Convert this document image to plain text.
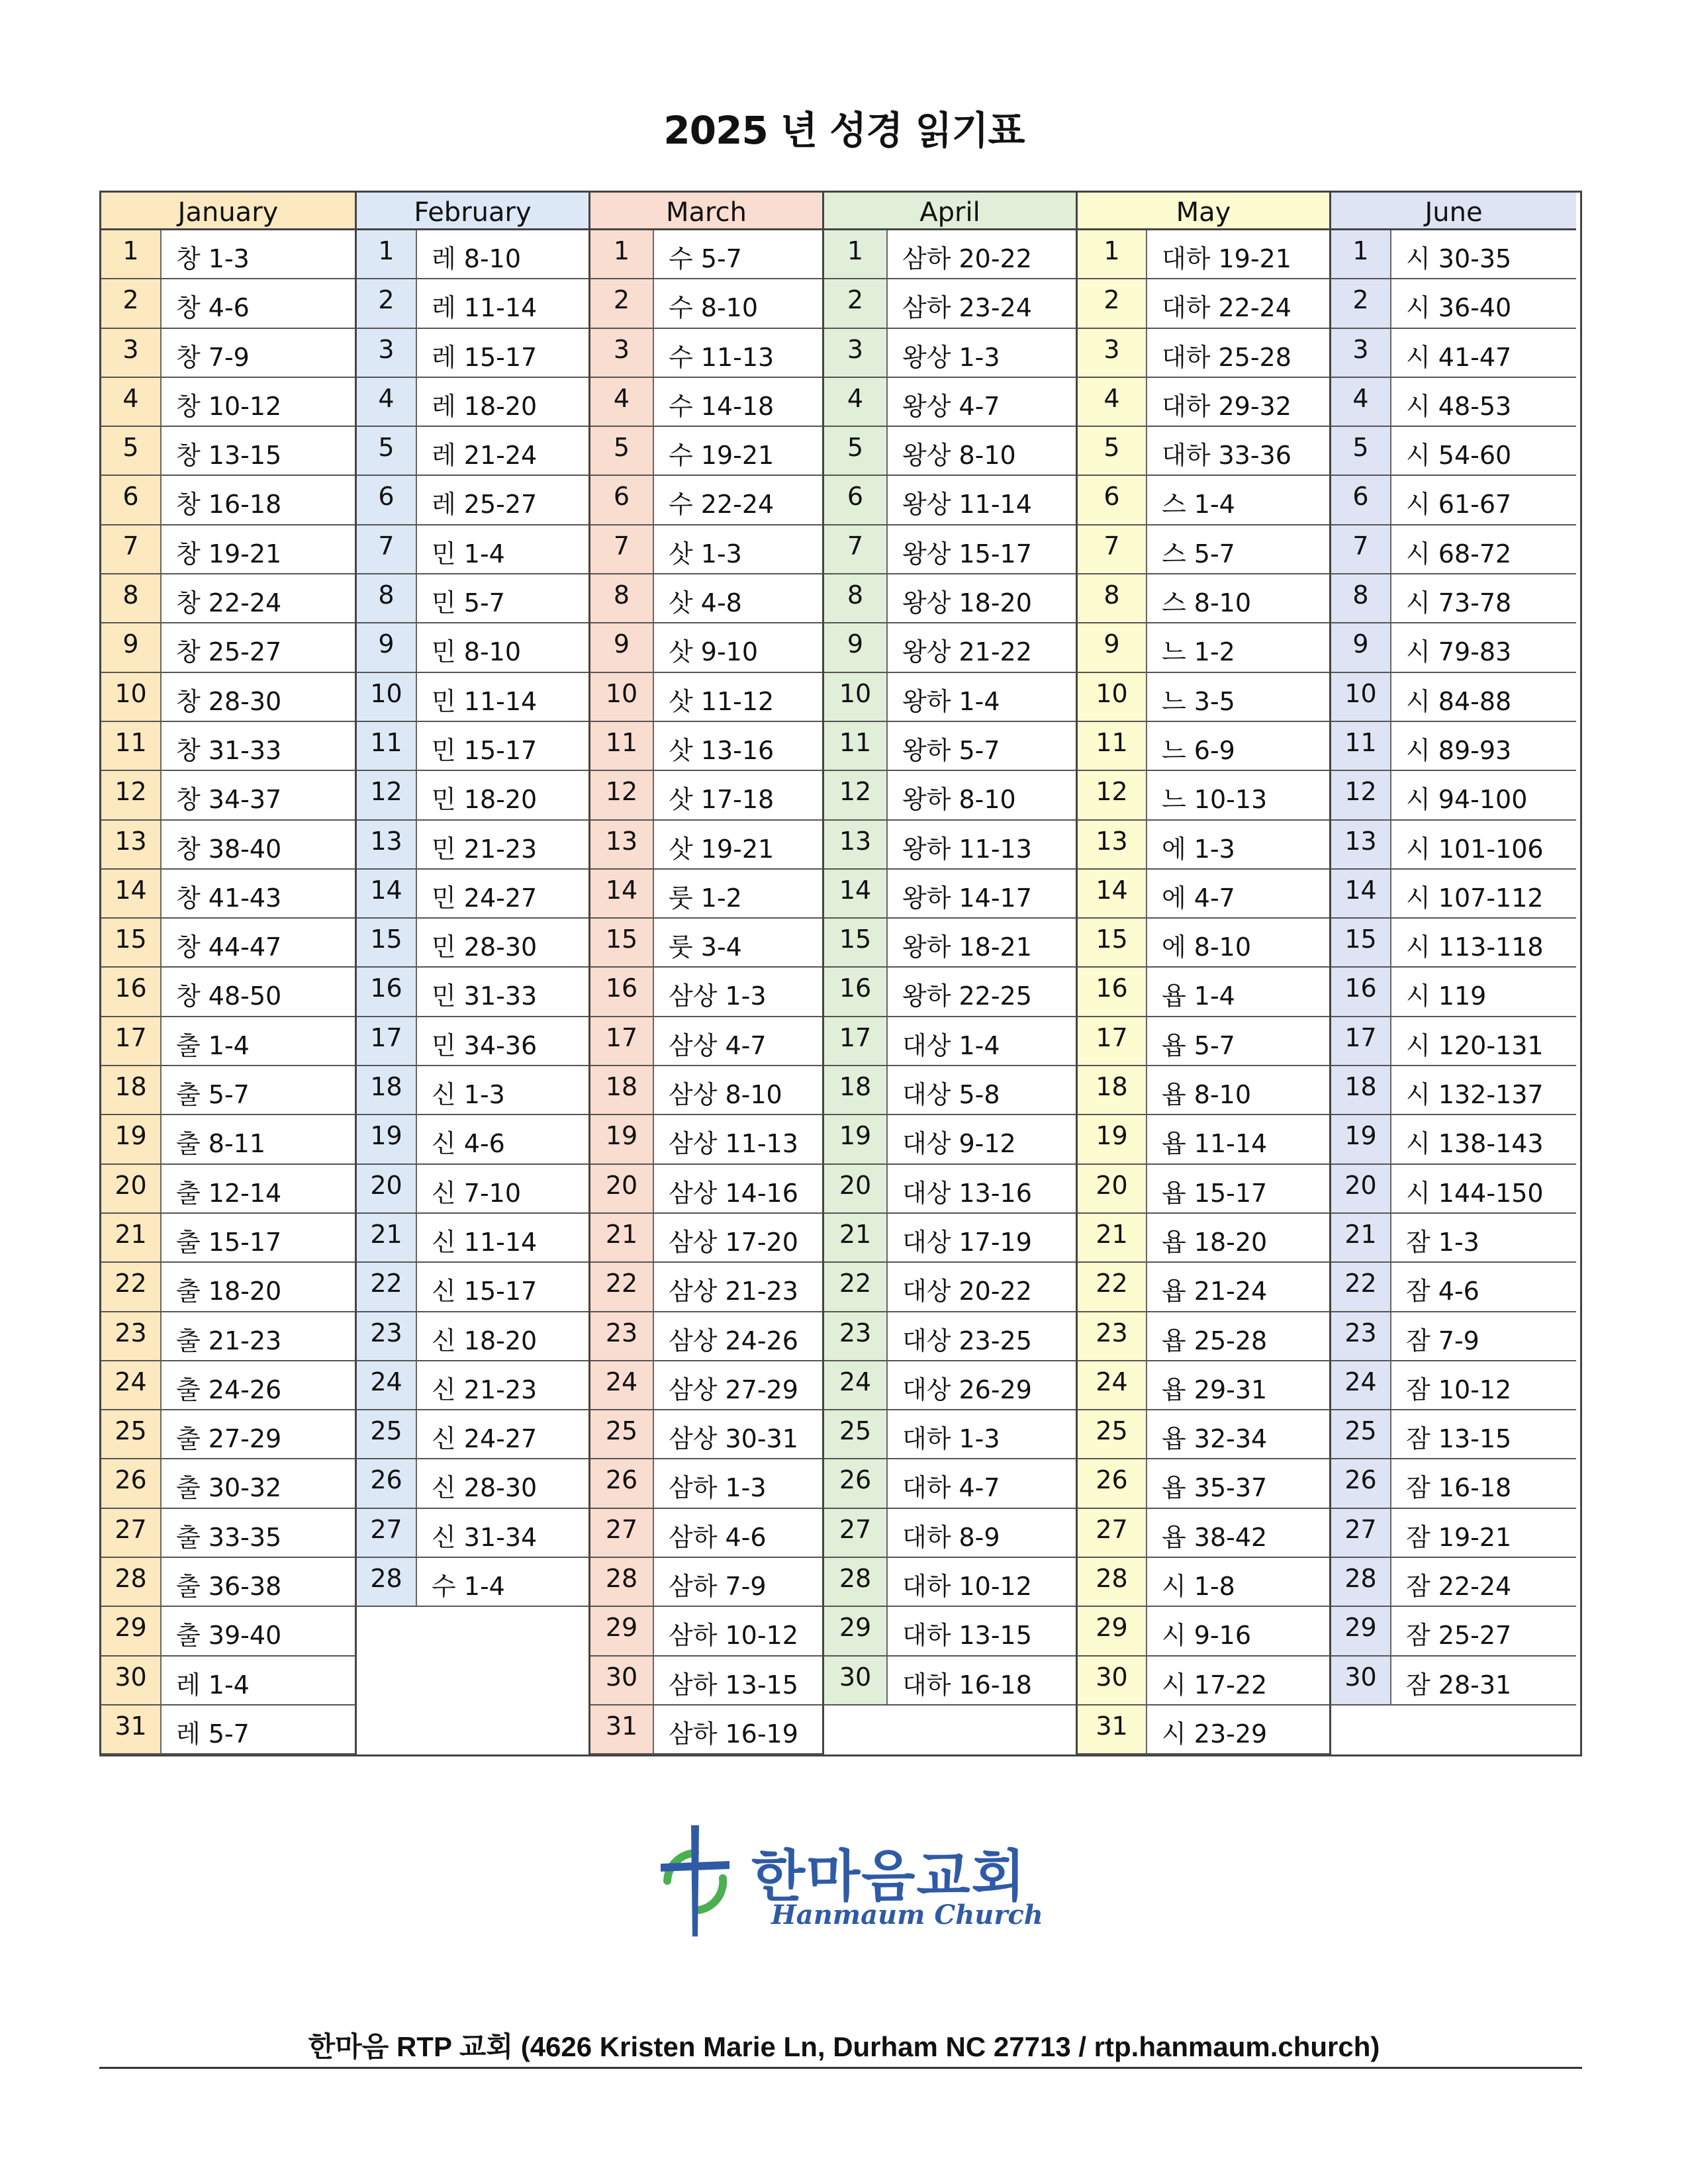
2025 년 성경 읽기표
January
1	창 1-3
2	창 4-6
3	창 7-9
4	창 10-12
5	창 13-15
6	창 16-18
7	창 19-21
8	창 22-24
9	창 25-27
10	창 28-30
11	창 31-33
12	창 34-37
13	창 38-40
14	창 41-43
15	창 44-47
16	창 48-50
17	출 1-4
18	출 5-7
19	출 8-11
20	출 12-14
21	출 15-17
22	출 18-20
23	출 21-23
24	출 24-26
25	출 27-29
26	출 30-32
27	출 33-35
28	출 36-38
29	출 39-40
30	레 1-4
31	레 5-7
February
1	레 8-10
2	레 11-14
3	레 15-17
4	레 18-20
5	레 21-24
6	레 25-27
7	민 1-4
8	민 5-7
9	민 8-10
10	민 11-14
11	민 15-17
12	민 18-20
13	민 21-23
14	민 24-27
15	민 28-30
16	민 31-33
17	민 34-36
18	신 1-3
19	신 4-6
20	신 7-10
21	신 11-14
22	신 15-17
23	신 18-20
24	신 21-23
25	신 24-27
26	신 28-30
27	신 31-34
28	수 1-4
March
1	수 5-7
2	수 8-10
3	수 11-13
4	수 14-18
5	수 19-21
6	수 22-24
7	삿 1-3
8	삿 4-8
9	삿 9-10
10	삿 11-12
11	삿 13-16
12	삿 17-18
13	삿 19-21
14	룻 1-2
15	룻 3-4
16	삼상 1-3
17	삼상 4-7
18	삼상 8-10
19	삼상 11-13
20	삼상 14-16
21	삼상 17-20
22	삼상 21-23
23	삼상 24-26
24	삼상 27-29
25	삼상 30-31
26	삼하 1-3
27	삼하 4-6
28	삼하 7-9
29	삼하 10-12
30	삼하 13-15
31	삼하 16-19
April
1	삼하 20-22
2	삼하 23-24
3	왕상 1-3
4	왕상 4-7
5	왕상 8-10
6	왕상 11-14
7	왕상 15-17
8	왕상 18-20
9	왕상 21-22
10	왕하 1-4
11	왕하 5-7
12	왕하 8-10
13	왕하 11-13
14	왕하 14-17
15	왕하 18-21
16	왕하 22-25
17	대상 1-4
18	대상 5-8
19	대상 9-12
20	대상 13-16
21	대상 17-19
22	대상 20-22
23	대상 23-25
24	대상 26-29
25	대하 1-3
26	대하 4-7
27	대하 8-9
28	대하 10-12
29	대하 13-15
30	대하 16-18
May
1	대하 19-21
2	대하 22-24
3	대하 25-28
4	대하 29-32
5	대하 33-36
6	스 1-4
7	스 5-7
8	스 8-10
9	느 1-2
10	느 3-5
11	느 6-9
12	느 10-13
13	에 1-3
14	에 4-7
15	에 8-10
16	욥 1-4
17	욥 5-7
18	욥 8-10
19	욥 11-14
20	욥 15-17
21	욥 18-20
22	욥 21-24
23	욥 25-28
24	욥 29-31
25	욥 32-34
26	욥 35-37
27	욥 38-42
28	시 1-8
29	시 9-16
30	시 17-22
31	시 23-29
June
1	시 30-35
2	시 36-40
3	시 41-47
4	시 48-53
5	시 54-60
6	시 61-67
7	시 68-72
8	시 73-78
9	시 79-83
10	시 84-88
11	시 89-93
12	시 94-100
13	시 101-106
14	시 107-112
15	시 113-118
16	시 119
17	시 120-131
18	시 132-137
19	시 138-143
20	시 144-150
21	잠 1-3
22	잠 4-6
23	잠 7-9
24	잠 10-12
25	잠 13-15
26	잠 16-18
27	잠 19-21
28	잠 22-24
29	잠 25-27
30	잠 28-31
한마음교회
Hanmaum Church
한마음 RTP 교회 (4626 Kristen Marie Ln, Durham NC 27713 / rtp.hanmaum.church)
